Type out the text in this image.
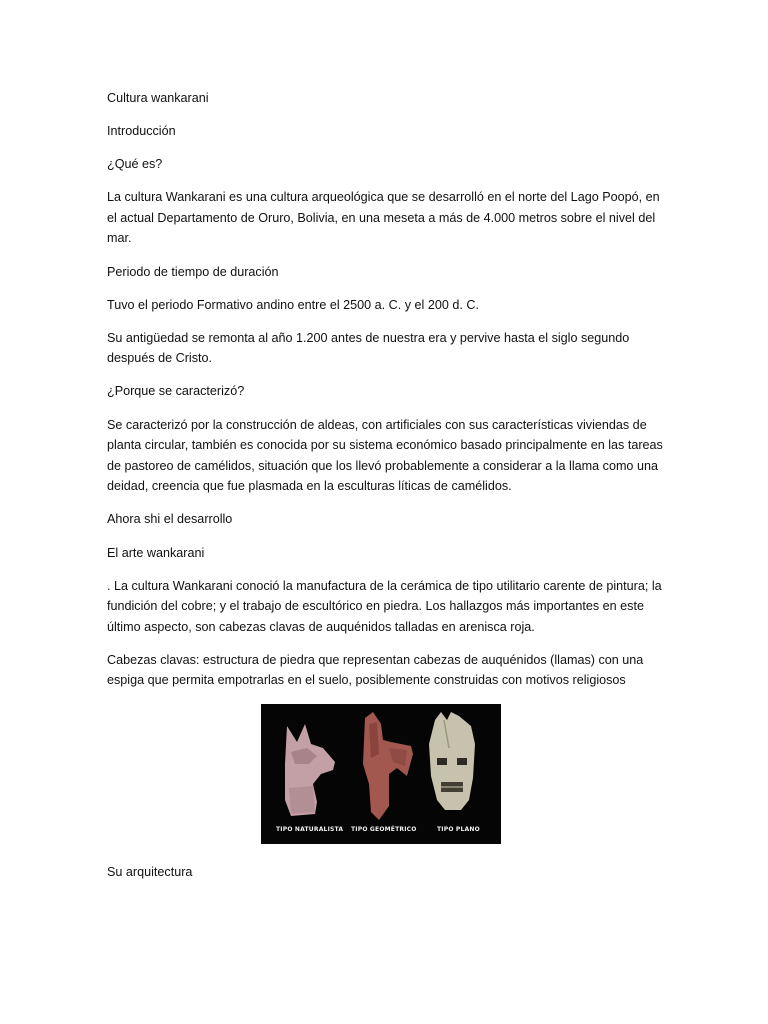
Cultura wankarani

Introducción

¿Qué es?

La cultura Wankarani es una cultura arqueológica que se desarrolló en el norte del Lago Poopó, en el actual Departamento de Oruro, Bolivia, en una meseta a más de 4.000 metros sobre el nivel del mar.

Periodo de tiempo de duración

Tuvo el periodo Formativo andino entre el 2500 a. C. y el 200 d. C.

Su antigüedad se remonta al año 1.200 antes de nuestra era y pervive hasta el siglo segundo después de Cristo.

¿Porque se caracterizó?

Se caracterizó por la construcción de aldeas, con artificiales con sus características viviendas de planta circular, también es conocida por su sistema económico basado principalmente en las tareas de pastoreo de camélidos, situación que los llevó probablemente a considerar a la llama como una deidad, creencia que fue plasmada en la esculturas líticas de camélidos.

Ahora shi el desarrollo

El arte wankarani

. La cultura Wankarani conoció la manufactura de la cerámica de tipo utilitario carente de pintura; la fundición del cobre; y el trabajo de escultórico en piedra. Los hallazgos más importantes en este último aspecto, son cabezas clavas de auquénidos talladas en arenisca roja.

Cabezas clavas: estructura de piedra que representan cabezas de auquénidos (llamas) con una espiga que permita empotrarlas en el suelo, posiblemente construidas con motivos religiosos

TIPO NATURALISTA TIPO GEOMÉTRICO	TIPO PLANO

Su arquitectura
